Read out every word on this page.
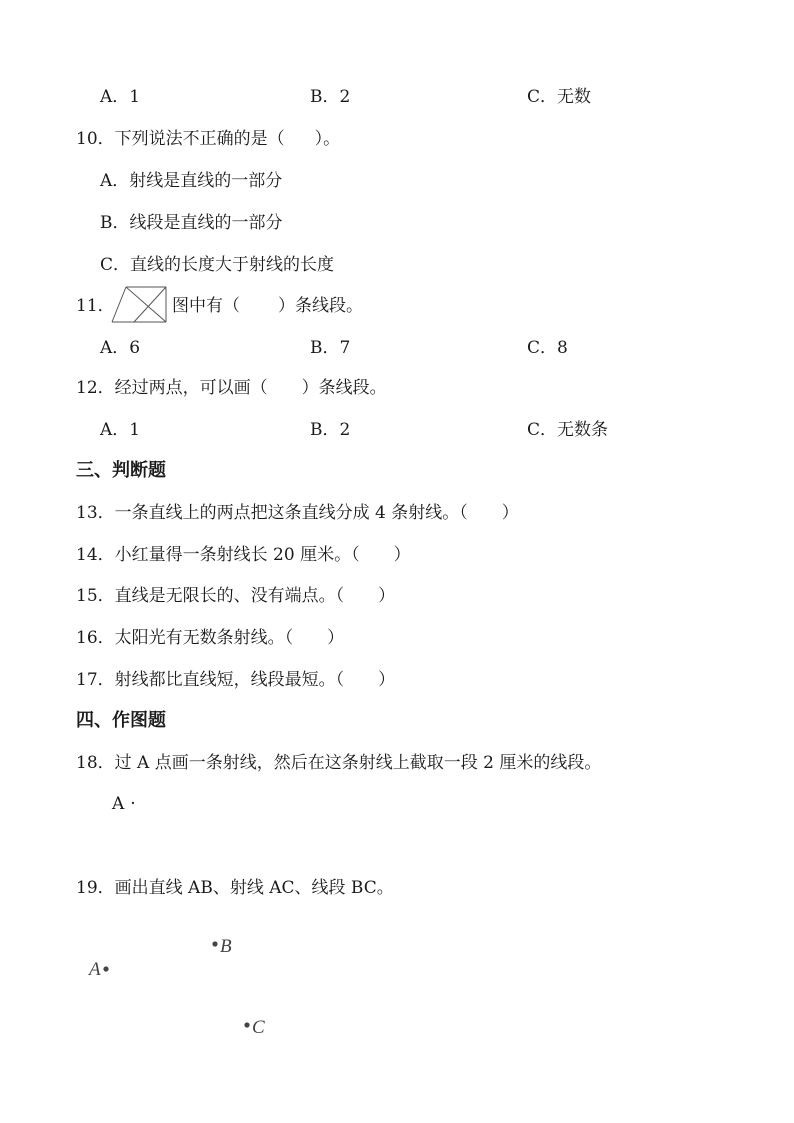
A．1	B．2	C．无数
10．下列说法不正确的是（ ）。
A．射线是直线的一部分
B．线段是直线的一部分
C．直线的长度大于射线的长度
11．	图中有（ ）条线段。
A．6	B．7	C．8
12．经过两点，可以画（ ）条线段。
A．1	B．2	C．无数条
三、判断题
13．一条直线上的两点把这条直线分成 4 条射线。（ ）
14．小红量得一条射线长 20 厘米。（ ）
15．直线是无限长的、没有端点。（ ）
16．太阳光有无数条射线。（ ）
17．射线都比直线短，线段最短。（ ）
四、作图题
18．过 A 点画一条射线，然后在这条射线上截取一段 2 厘米的线段。
A ·
19．画出直线 AB、射线 AC、线段 BC。
B
A
C
